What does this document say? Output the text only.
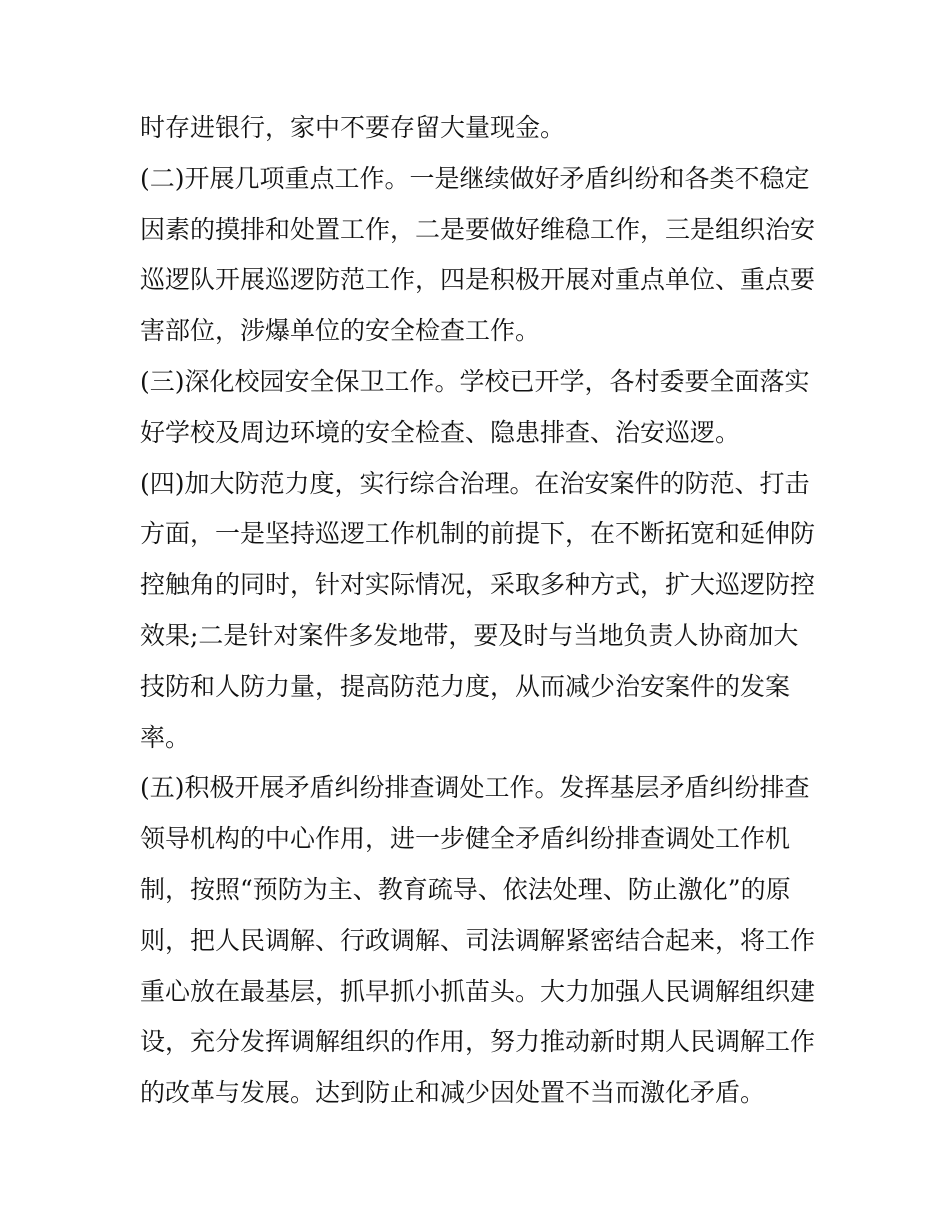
时存进银行，家中不要存留大量现金。
(二)开展几项重点工作。一是继续做好矛盾纠纷和各类不稳定
因素的摸排和处置工作，二是要做好维稳工作，三是组织治安
巡逻队开展巡逻防范工作，四是积极开展对重点单位、重点要
害部位，涉爆单位的安全检查工作。
(三)深化校园安全保卫工作。学校已开学，各村委要全面落实
好学校及周边环境的安全检查、隐患排查、治安巡逻。
(四)加大防范力度，实行综合治理。在治安案件的防范、打击
方面，一是坚持巡逻工作机制的前提下，在不断拓宽和延伸防
控触角的同时，针对实际情况，采取多种方式，扩大巡逻防控
效果;二是针对案件多发地带，要及时与当地负责人协商加大
技防和人防力量，提高防范力度，从而减少治安案件的发案
率。
(五)积极开展矛盾纠纷排查调处工作。发挥基层矛盾纠纷排查
领导机构的中心作用，进一步健全矛盾纠纷排查调处工作机
制，按照“预防为主、教育疏导、依法处理、防止激化”的原
则，把人民调解、行政调解、司法调解紧密结合起来，将工作
重心放在最基层，抓早抓小抓苗头。大力加强人民调解组织建
设，充分发挥调解组织的作用，努力推动新时期人民调解工作
的改革与发展。达到防止和减少因处置不当而激化矛盾。
